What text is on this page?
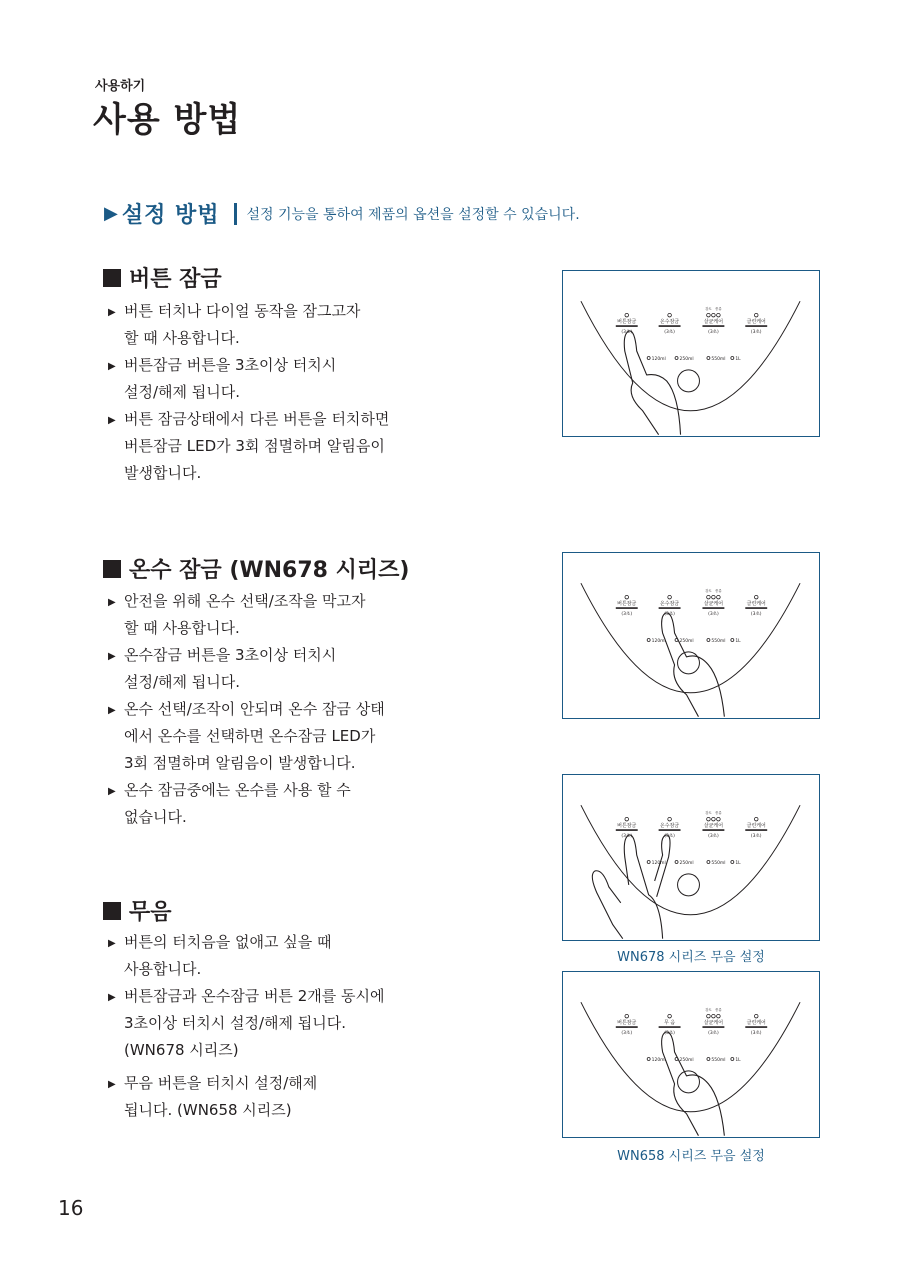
사용하기
사용 방법
▶ 설정 방법 설정 기능을 통하여 제품의 옵션을 설정할 수 있습니다.
버튼 잠금
▶ 버튼 터치나 다이얼 동작을 잠그고자
할 때 사용합니다.
▶ 버튼잠금 버튼을 3초이상 터치시
설정/해제 됩니다.
▶ 버튼 잠금상태에서 다른 버튼을 터치하면
버튼잠금 LED가 3회 점멸하며 알림음이
발생합니다.
온수 잠금 (WN678 시리즈)
▶ 안전을 위해 온수 선택/조작을 막고자
할 때 사용합니다.
▶ 온수잠금 버튼을 3초이상 터치시
설정/해제 됩니다.
▶ 온수 선택/조작이 안되며 온수 잠금 상태
에서 온수를 선택하면 온수잠금 LED가
3회 점멸하며 알림음이 발생합니다.
▶ 온수 잠금중에는 온수를 사용 할 수
없습니다.
무음
▶ 버튼의 터치음을 없애고 싶을 때
사용합니다.
▶ 버튼잠금과 온수잠금 버튼 2개를 동시에
3초이상 터치시 설정/해제 됩니다.
(WN678 시리즈)
▶ 무음 버튼을 터치시 설정/해제
됩니다. (WN658 시리즈)
버튼잠금
(3초)
온수잠금
(3초)
강도 종류
살균케어
(3초)
클린케어
(3초)
120ml	250ml	550ml 1L
버튼잠금
(3초)
온수잠금
(3초)
강도 종류
살균케어
(3초)
클린케어
(3초)
120ml	250ml	550ml 1L
버튼잠금
(3초)
온수잠금
(3초)
강도 종류
살균케어
(3초)
클린케어
(3초)
120ml	250ml	550ml 1L
WN678 시리즈 무음 설정
버튼잠금
(3초)
무 음
(3초)
강도 종류
살균케어
(3초)
클린케어
(3초)
120ml	250ml	550ml 1L
WN658 시리즈 무음 설정
16
